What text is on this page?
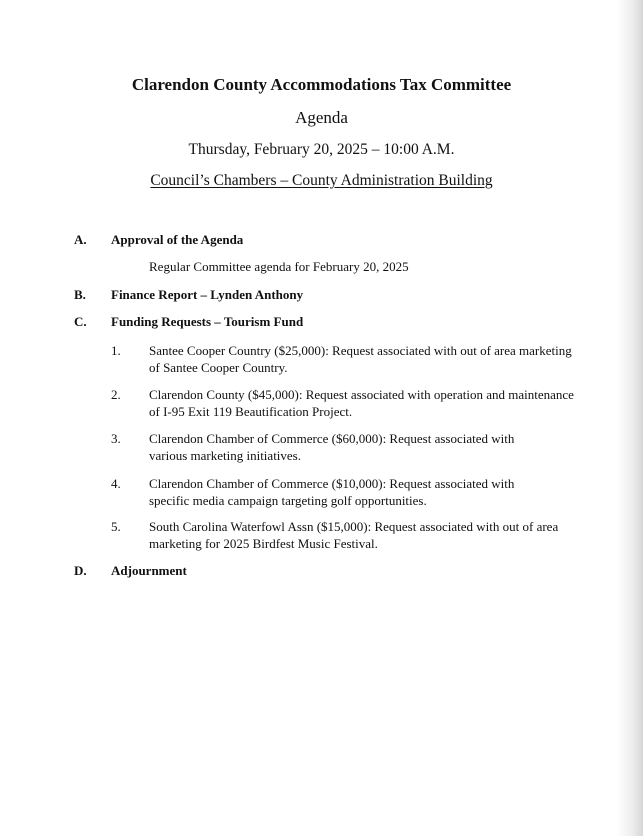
Clarendon County Accommodations Tax Committee
Agenda
Thursday, February 20, 2025 – 10:00 A.M.
Council’s Chambers – County Administration Building
A. Approval of the Agenda
Regular Committee agenda for February 20, 2025
B. Finance Report – Lynden Anthony
C. Funding Requests – Tourism Fund
1. Santee Cooper Country ($25,000): Request associated with out of area marketing
of Santee Cooper Country.
2. Clarendon County ($45,000): Request associated with operation and maintenance
of I-95 Exit 119 Beautification Project.
3. Clarendon Chamber of Commerce ($60,000): Request associated with
various marketing initiatives.
4. Clarendon Chamber of Commerce ($10,000): Request associated with
specific media campaign targeting golf opportunities.
5. South Carolina Waterfowl Assn ($15,000): Request associated with out of area
marketing for 2025 Birdfest Music Festival.
D. Adjournment
